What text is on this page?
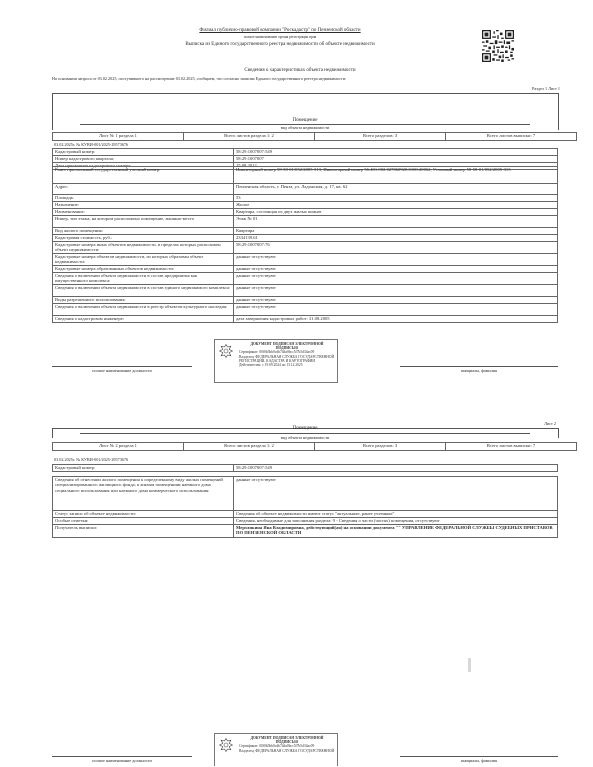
Филиал публично-правовой компании "Роскадастр" по Пензенской области
полное наименование органа регистрации прав
Выписка из Единого государственного реестра недвижимости об объекте недвижимости
Сведения о характеристиках объекта недвижимости
На основании запроса от 03.02.2025, поступившего на рассмотрение 03.02.2025, сообщаем, что согласно записям Единого государственного реестра недвижимости:
Раздел 1 Лист 1
Помещение
вид объекта недвижимости
Лист № 1 раздела 1	Всего листов раздела 1: 2	Всего разделов: 3	Всего листов выписки: 7
03.02.2025г. № КУВИ-001/2025-29573676
Кадастровый номер:	58:29:1007007:549
Номер кадастрового квартала:	58:29:1007007
Дата присвоения кадастрового номера:	15.08.2012
Ранее присвоенный государственный учетный номер:	Инвентарный номер 58-58-01/052/2005-313; Инвентарный номер 56:401:002:027860920:0100:20062; Условный номер 58-58-01/052/2005-313
Адрес:	Пензенская область, г. Пенза, ул. Ладожская, д. 17, кв. 62
Площадь:	53
Назначение:	Жилое
Наименование:	Квартира, состоящая из двух жилых комнат
Номер, тип этажа, на котором расположено помещение, машино-место	Этаж № 01
Вид жилого помещения:	Квартира
Кадастровая стоимость, руб.:	2334139.61
Кадастровые номера иных объектов недвижимости, в пределах которых расположен объект недвижимости:	58:29:1007007:76
Кадастровые номера объектов недвижимости, из которых образован объект недвижимости:	данные отсутствуют
Кадастровые номера образованных объектов недвижимости:	данные отсутствуют
Сведения о включении объекта недвижимости в состав предприятия как имущественного комплекса:	данные отсутствуют
Сведения о включении объекта недвижимости в состав единого недвижимого комплекса:	данные отсутствуют
Виды разрешенного использования:	данные отсутствуют
Сведения о включении объекта недвижимости в реестр объектов культурного наследия:	данные отсутствуют
Сведения о кадастровом инженере:	дата завершения кадастровых работ: 31.08.2005
полное наименование должности
ДОКУМЕНТ ПОДПИСАН ЭЛЕКТРОННОЙ ПОДПИСЬЮ
Сертификат: 00f0b5bb0cdb74da0bcc5f7b5d34ac09
Владелец: ФЕДЕРАЛЬНАЯ СЛУЖБА ГОСУДАРСТВЕННОЙ
РЕГИСТРАЦИИ, КАДАСТРА И КАРТОГРАФИИ
Действителен: с 19.09.2024 по 13.12.2025
инициалы, фамилия
Лист 2
Помещение
вид объекта недвижимости
Лист № 2 раздела 1	Всего листов раздела 1: 2	Всего разделов: 3	Всего листов выписки: 7
03.02.2025г. № КУВИ-001/2025-29573676
Кадастровый номер:	58:29:1007007:549
Сведения об отнесении жилого помещения к определенному виду жилых помещений специализированного жилищного фонда, к жилым помещениям наемного дома социального использования или наемного дома коммерческого использования:	данные отсутствуют
Статус записи об объекте недвижимости:	Сведения об объекте недвижимости имеют статус "актуальные, ранее учтенные"
Особые отметки:	Сведения, необходимые для заполнения раздела: 9 - Сведения о части (частях) помещения, отсутствуют
Получатель выписки:	Мерзликина Яна Владимировна, действующий(ая) на основании документа "" УПРАВЛЕНИЕ ФЕДЕРАЛЬНОЙ СЛУЖБЫ СУДЕБНЫХ ПРИСТАВОВ ПО ПЕНЗЕНСКОЙ ОБЛАСТИ
полное наименование должности
ДОКУМЕНТ ПОДПИСАН ЭЛЕКТРОННОЙ ПОДПИСЬЮ
Сертификат: 00f0b5bb0cdb74da0bcc5f7b5d34ac09
Владелец: ФЕДЕРАЛЬНАЯ СЛУЖБА ГОСУДАРСТВЕННОЙ
инициалы, фамилия
